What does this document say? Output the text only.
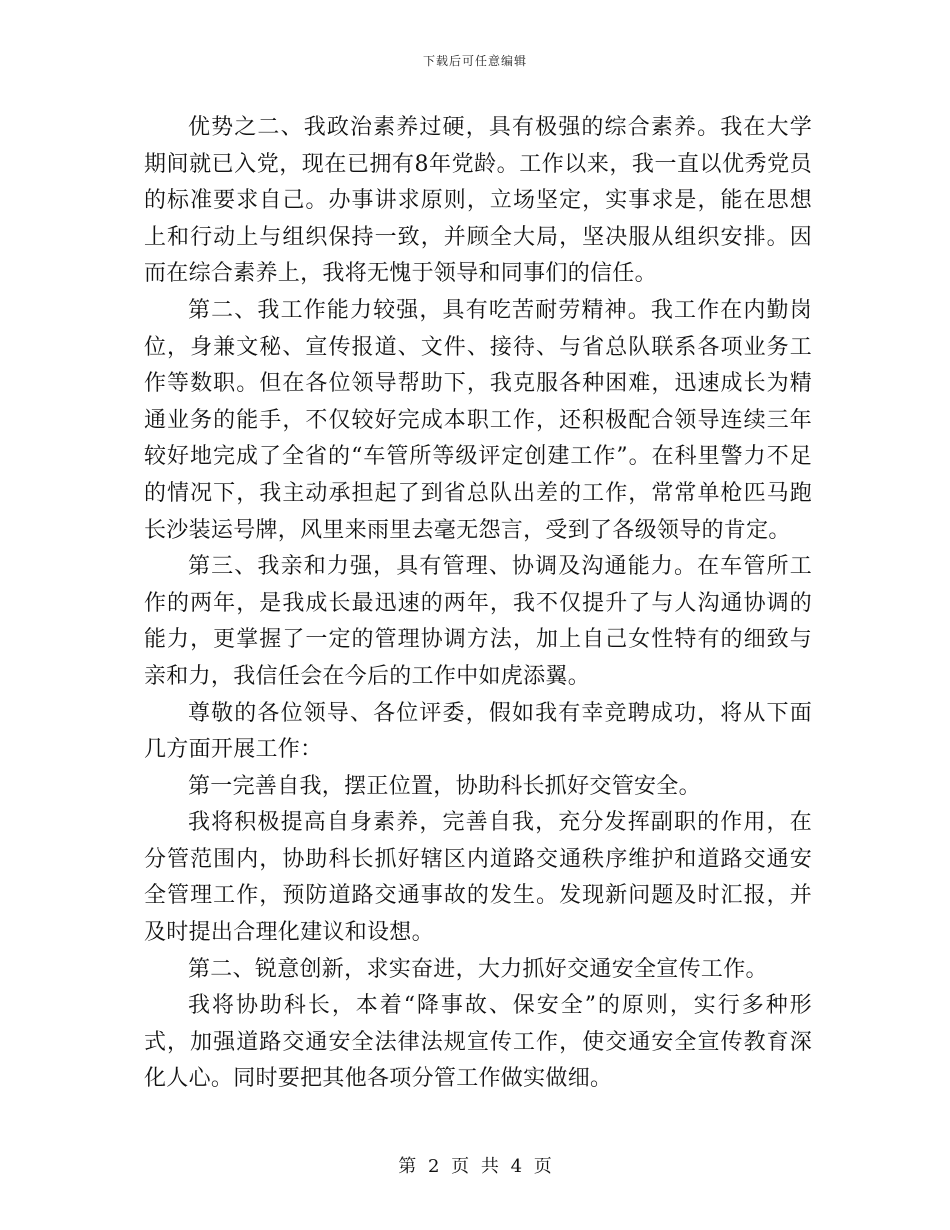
下载后可任意编辑

优势之二、我政治素养过硬，具有极强的综合素养。我在大学期间就已入党，现在已拥有8年党龄。工作以来，我一直以优秀党员的标准要求自己。办事讲求原则，立场坚定，实事求是，能在思想上和行动上与组织保持一致，并顾全大局，坚决服从组织安排。因而在综合素养上，我将无愧于领导和同事们的信任。

第二、我工作能力较强，具有吃苦耐劳精神。我工作在内勤岗位，身兼文秘、宣传报道、文件、接待、与省总队联系各项业务工作等数职。但在各位领导帮助下，我克服各种困难，迅速成长为精通业务的能手，不仅较好完成本职工作，还积极配合领导连续三年较好地完成了全省的“车管所等级评定创建工作”。在科里警力不足的情况下，我主动承担起了到省总队出差的工作，常常单枪匹马跑长沙装运号牌，风里来雨里去毫无怨言，受到了各级领导的肯定。

第三、我亲和力强，具有管理、协调及沟通能力。在车管所工作的两年，是我成长最迅速的两年，我不仅提升了与人沟通协调的能力，更掌握了一定的管理协调方法，加上自己女性特有的细致与亲和力，我信任会在今后的工作中如虎添翼。

尊敬的各位领导、各位评委，假如我有幸竞聘成功，将从下面几方面开展工作：

第一完善自我，摆正位置，协助科长抓好交管安全。

我将积极提高自身素养，完善自我，充分发挥副职的作用，在分管范围内，协助科长抓好辖区内道路交通秩序维护和道路交通安全管理工作，预防道路交通事故的发生。发现新问题及时汇报，并及时提出合理化建议和设想。

第二、锐意创新，求实奋进，大力抓好交通安全宣传工作。

我将协助科长，本着“降事故、保安全”的原则，实行多种形式，加强道路交通安全法律法规宣传工作，使交通安全宣传教育深化人心。同时要把其他各项分管工作做实做细。

第 2 页 共 4 页
